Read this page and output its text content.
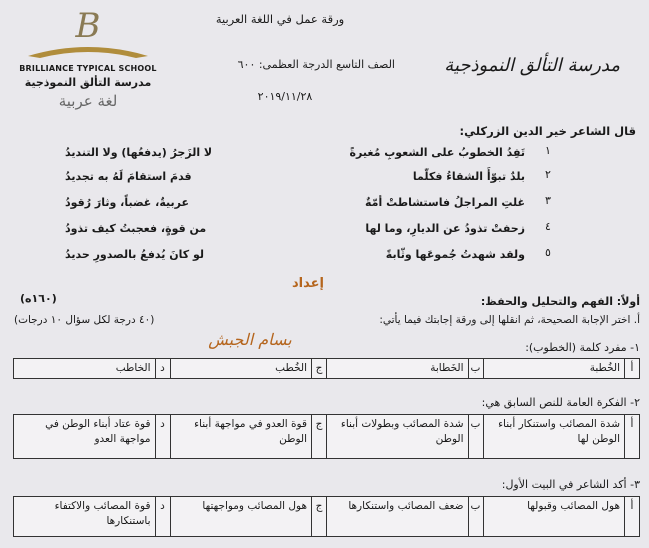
B
BRILLIANCE TYPICAL SCHOOL
مدرسة التألق النموذجية
لغة عربية
ورقة عمل في اللغة العربية
الصف التاسع الدرجة العظمى: ٦٠٠
٢٠١٩/١١/٢٨
مدرسة التألق النموذجية
قال الشاعر خير الدين الزركلي:
١
تَفِدُ الخطوبُ على الشعوبِ مُغيرةً
لا الزَجرُ (يدفعُها) ولا التنديدُ
٢
بلدٌ تبوّأَ الشقاءُ فكلّما
قدمَ استقامَ لَهُ به تجديدُ
٣
غلتِ المراجلُ فاستشاطتْ أمّةٌ
عربيةٌ، غضباً، وثارَ رُقودُ
٤
زحفتْ تذودُ عن الديارِ، وما لها
من قوةٍ، فعجبتُ كيف تذودُ
٥
ولقد شهدتُ جُموعَها وثّابةً
لو كانَ يُدفعُ بالصدورِ حديدُ
أولاً: الفهم والتحليل والحفظ:
(١٦٠ه)
إعداد
بسام الجبش
أ. اختر الإجابة الصحيحة، ثم انقلها إلى ورقة إجابتك فيما يأتي:
(٤٠ درجة لكل سؤال ١٠ درجات)
١- مفرد كلمة (الخطوب):
أ	الخُطبة	ب	الخَطابة	ج	الخُطب	د	الخاطب
٢- الفكرة العامة للنص السابق هي:
أ	شدة المصائب واستنكار أبناء الوطن لها	ب	شدة المصائب وبطولات أبناء الوطن	ج	قوة العدو في مواجهة أبناء الوطن	د	قوة عتاد أبناء الوطن في مواجهة العدو
٣- أكد الشاعر في البيت الأول:
أ	هول المصائب وقبولها	ب	ضعف المصائب واستنكارها	ج	هول المصائب ومواجهتها	د	قوة المصائب والاكتفاء باستنكارها
